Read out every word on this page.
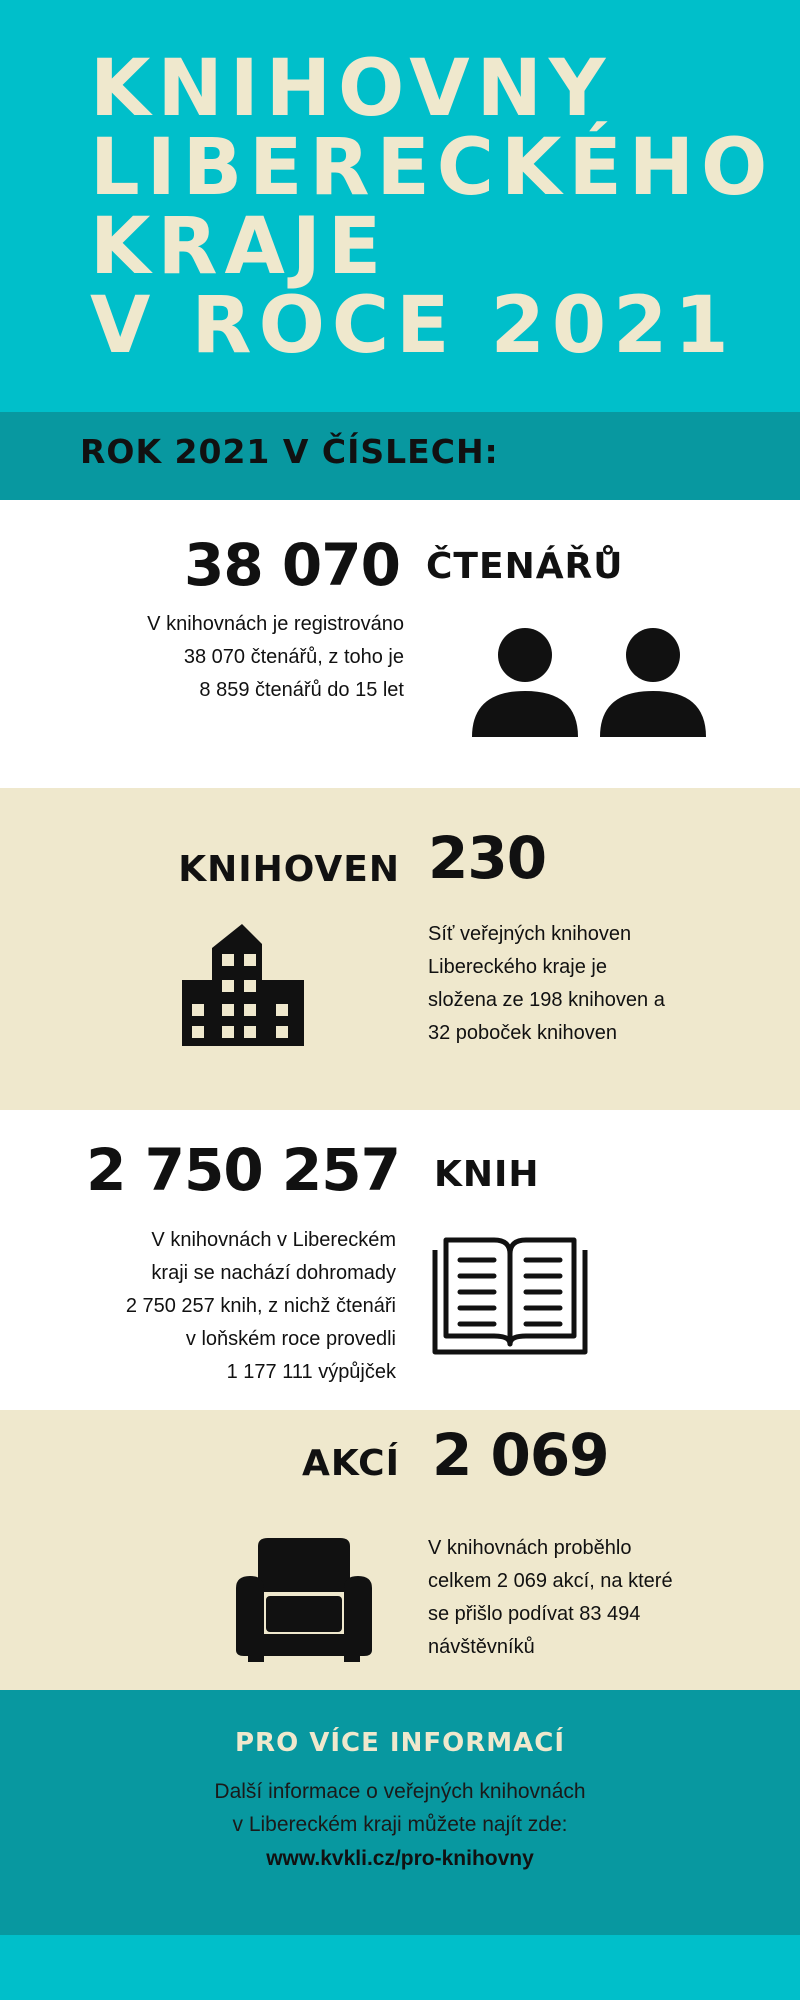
KNIHOVNY
LIBERECKÉHO
KRAJE
V ROCE 2021
ROK 2021 V ČÍSLECH:
38 070 ČTENÁŘŮ

V knihovnách je registrováno
38 070 čtenářů, z toho je
8 859 čtenářů do 15 let

KNIHOVEN 230

Síť veřejných knihoven
Libereckého kraje je
složena ze 198 knihoven a
32 poboček knihoven

2 750 257 KNIH

V knihovnách v Libereckém
kraji se nachází dohromady
2 750 257 knih, z nichž čtenáři
v loňském roce provedli
1 177 111 výpůjček

AKCÍ 2 069

V knihovnách proběhlo
celkem 2 069 akcí, na které
se přišlo podívat 83 494
návštěvníků

PRO VÍCE INFORMACÍ
Další informace o veřejných knihovnách
v Libereckém kraji můžete najít zde:
www.kvkli.cz/pro-knihovny
